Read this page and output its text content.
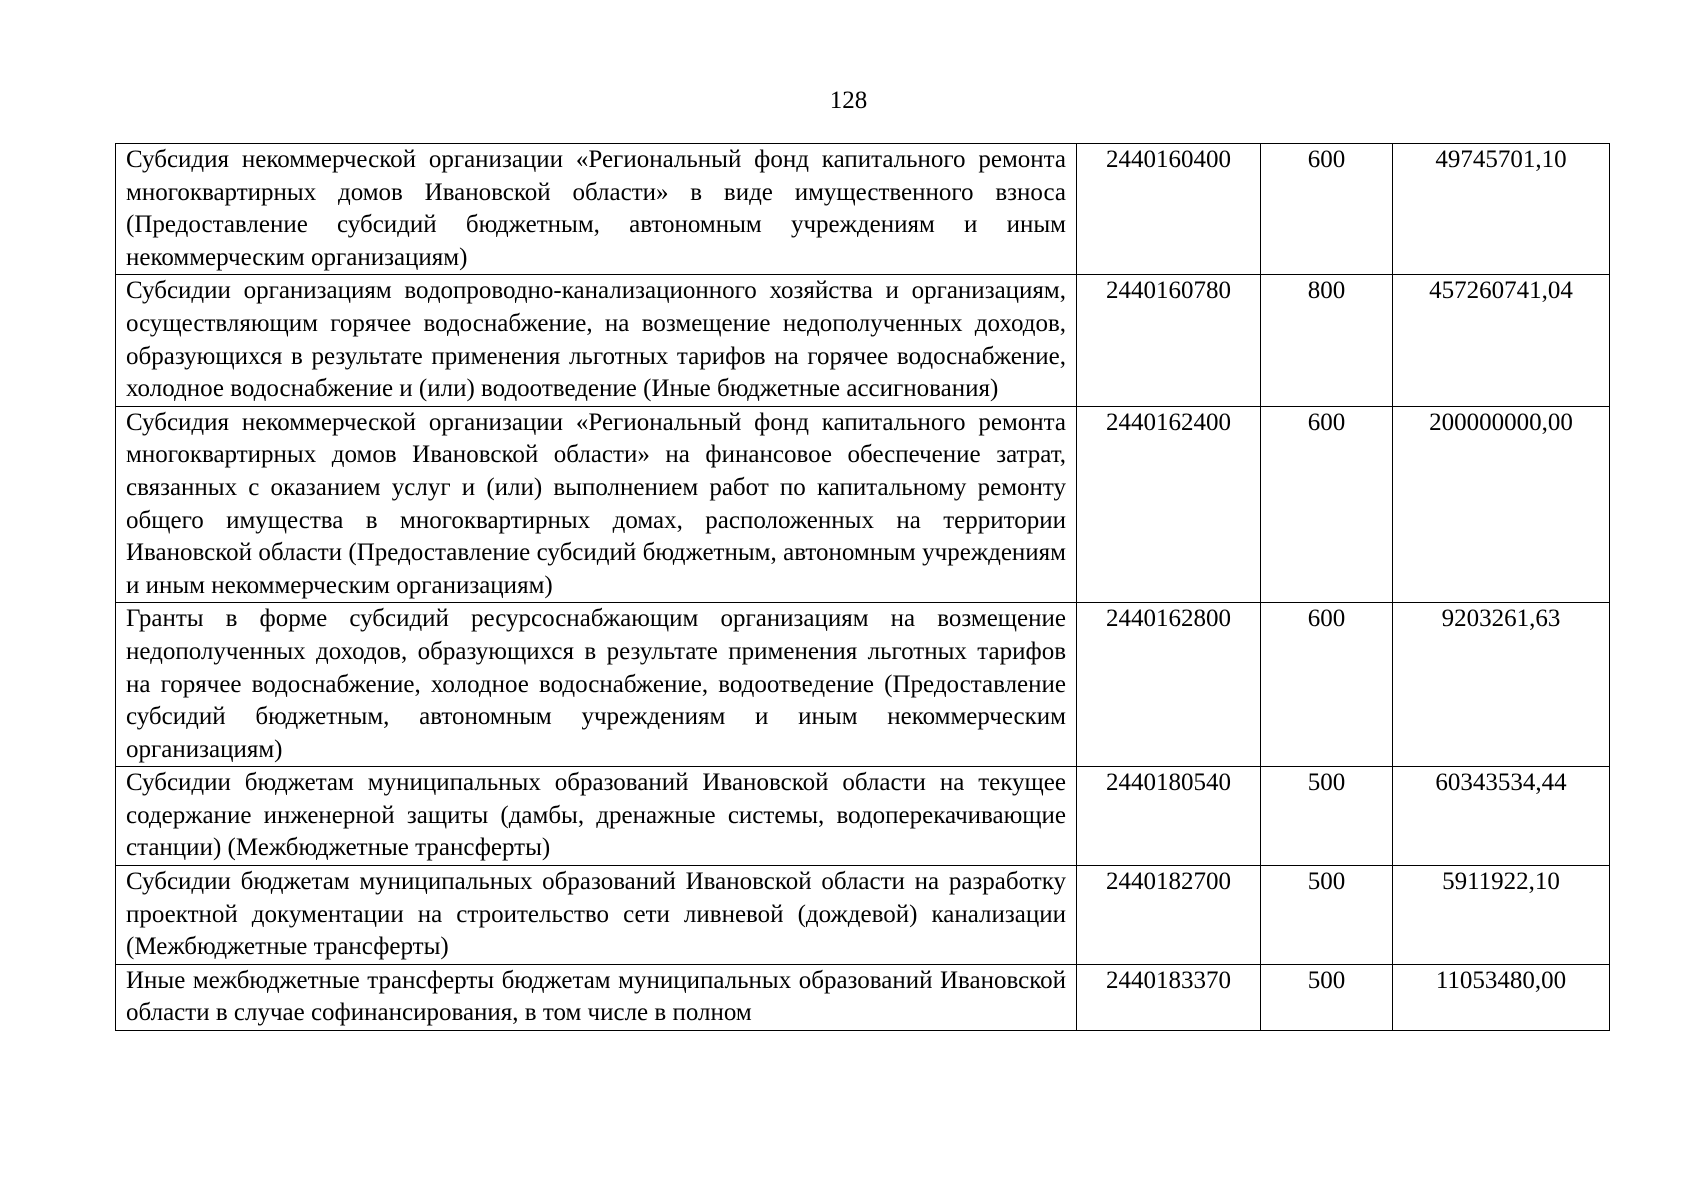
128
Субсидия некоммерческой организации «Региональный фонд капитального ремонта многоквартирных домов Ивановской области» в виде имущественного взноса (Предоставление субсидий бюджетным, автономным учреждениям и иным некоммерческим организациям)	2440160400	600	49745701,10
Субсидии организациям водопроводно-канализационного хозяйства и организациям, осуществляющим горячее водоснабжение, на возмещение недополученных доходов, образующихся в результате применения льготных тарифов на горячее водоснабжение, холодное водоснабжение и (или) водоотведение (Иные бюджетные ассигнования)	2440160780	800	457260741,04
Субсидия некоммерческой организации «Региональный фонд капитального ремонта многоквартирных домов Ивановской области» на финансовое обеспечение затрат, связанных с оказанием услуг и (или) выполнением работ по капитальному ремонту общего имущества в многоквартирных домах, расположенных на территории Ивановской области (Предоставление субсидий бюджетным, автономным учреждениям и иным некоммерческим организациям)	2440162400	600	200000000,00
Гранты в форме субсидий ресурсоснабжающим организациям на возмещение недополученных доходов, образующихся в результате применения льготных тарифов на горячее водоснабжение, холодное водоснабжение, водоотведение (Предоставление субсидий бюджетным, автономным учреждениям и иным некоммерческим организациям)	2440162800	600	9203261,63
Субсидии бюджетам муниципальных образований Ивановской области на текущее содержание инженерной защиты (дамбы, дренажные системы, водоперекачивающие станции) (Межбюджетные трансферты)	2440180540	500	60343534,44
Субсидии бюджетам муниципальных образований Ивановской области на разработку проектной документации на строительство сети ливневой (дождевой) канализации (Межбюджетные трансферты)	2440182700	500	5911922,10
Иные межбюджетные трансферты бюджетам муниципальных образований Ивановской области в случае софинансирования, в том числе в полном	2440183370	500	11053480,00
